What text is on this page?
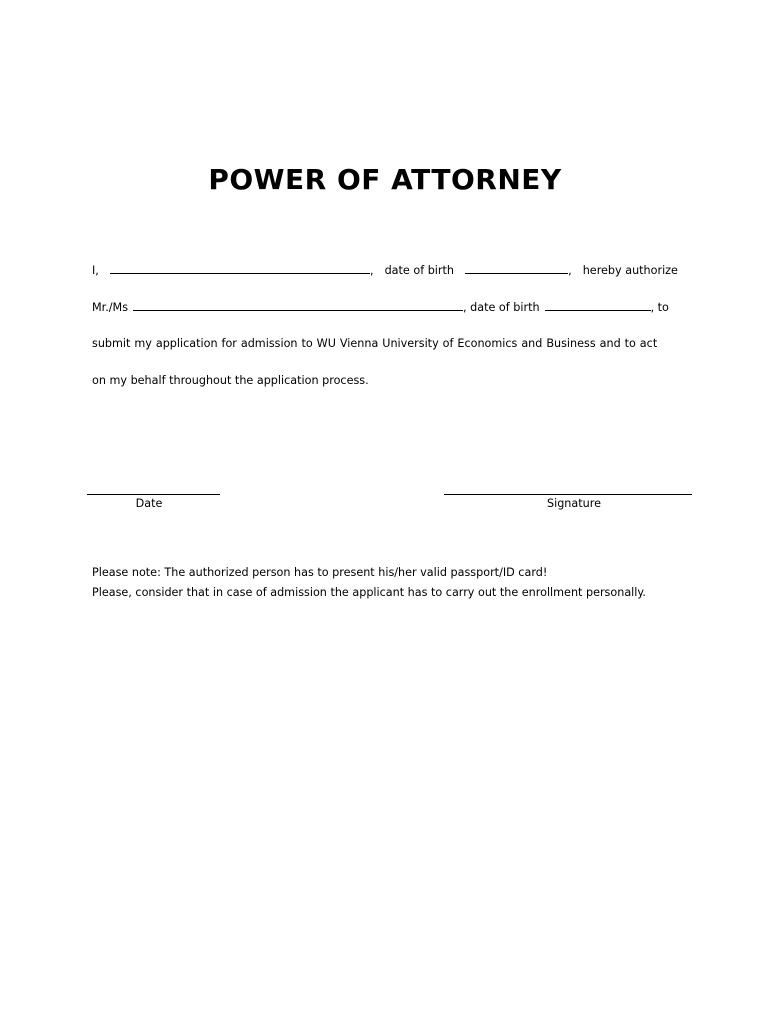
POWER OF ATTORNEY
I,	, date of birth	, hereby authorize
Mr./Ms	, date of birth	, to
submit my application for admission to WU Vienna University of Economics and Business and to act
on my behalf throughout the application process.
Date	Signature
Please note: The authorized person has to present his/her valid passport/ID card!
Please, consider that in case of admission the applicant has to carry out the enrollment personally.
